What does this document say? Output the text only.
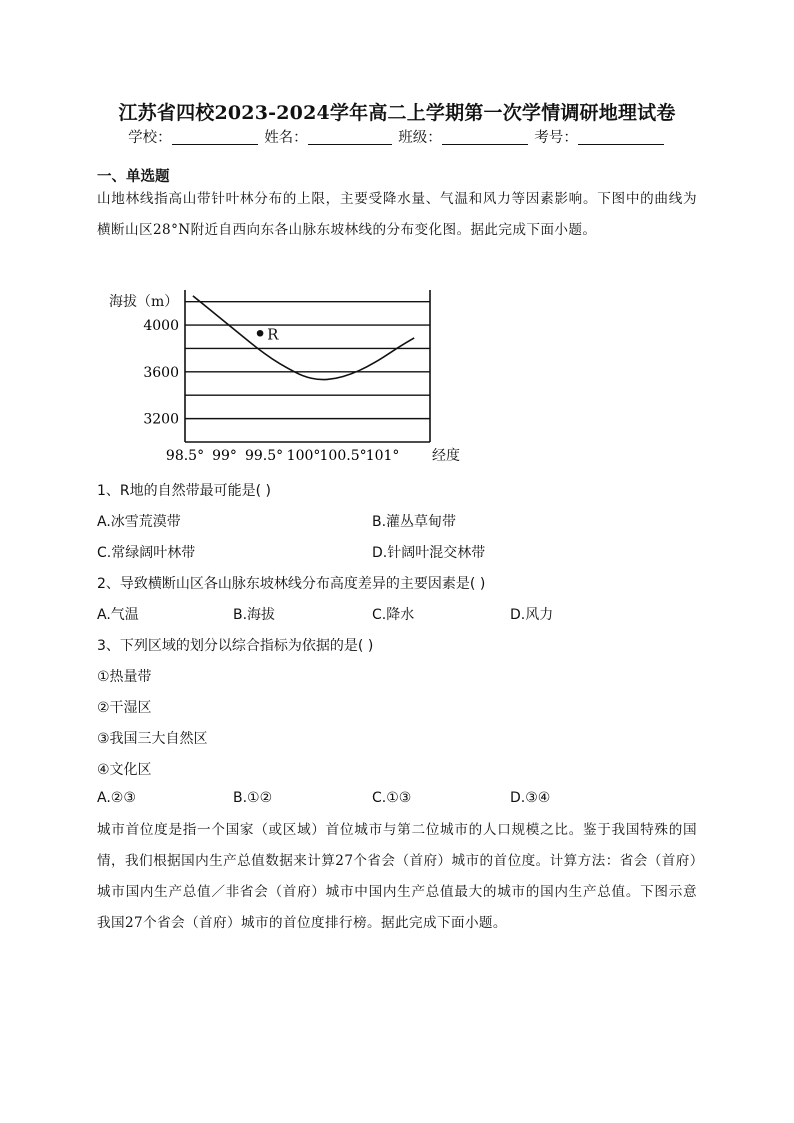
江苏省四校2023-2024学年高二上学期第一次学情调研地理试卷
学校：	姓名：	班级：	考号：
一、单选题
山地林线指高山带针叶林分布的上限，主要受降水量、气温和风力等因素影响。下图中的曲线为横断山区28°N附近自西向东各山脉东坡林线的分布变化图。据此完成下面小题。
3200
3600
4000
98.5° 99° 99.5° 100° 100.5° 101°
R
海拔（m）
经度
1、R地的自然带最可能是( )
A.冰雪荒漠带	B.灌丛草甸带
C.常绿阔叶林带	D.针阔叶混交林带
2、导致横断山区各山脉东坡林线分布高度差异的主要因素是( )
A.气温	B.海拔	C.降水	D.风力
3、下列区域的划分以综合指标为依据的是( )
①热量带
②干湿区
③我国三大自然区
④文化区
A.②③	B.①②	C.①③	D.③④
城市首位度是指一个国家（或区域）首位城市与第二位城市的人口规模之比。鉴于我国特殊的国情，我们根据国内生产总值数据来计算27个省会（首府）城市的首位度。计算方法：省会（首府）城市国内生产总值／非省会（首府）城市中国内生产总值最大的城市的国内生产总值。下图示意我国27个省会（首府）城市的首位度排行榜。据此完成下面小题。
